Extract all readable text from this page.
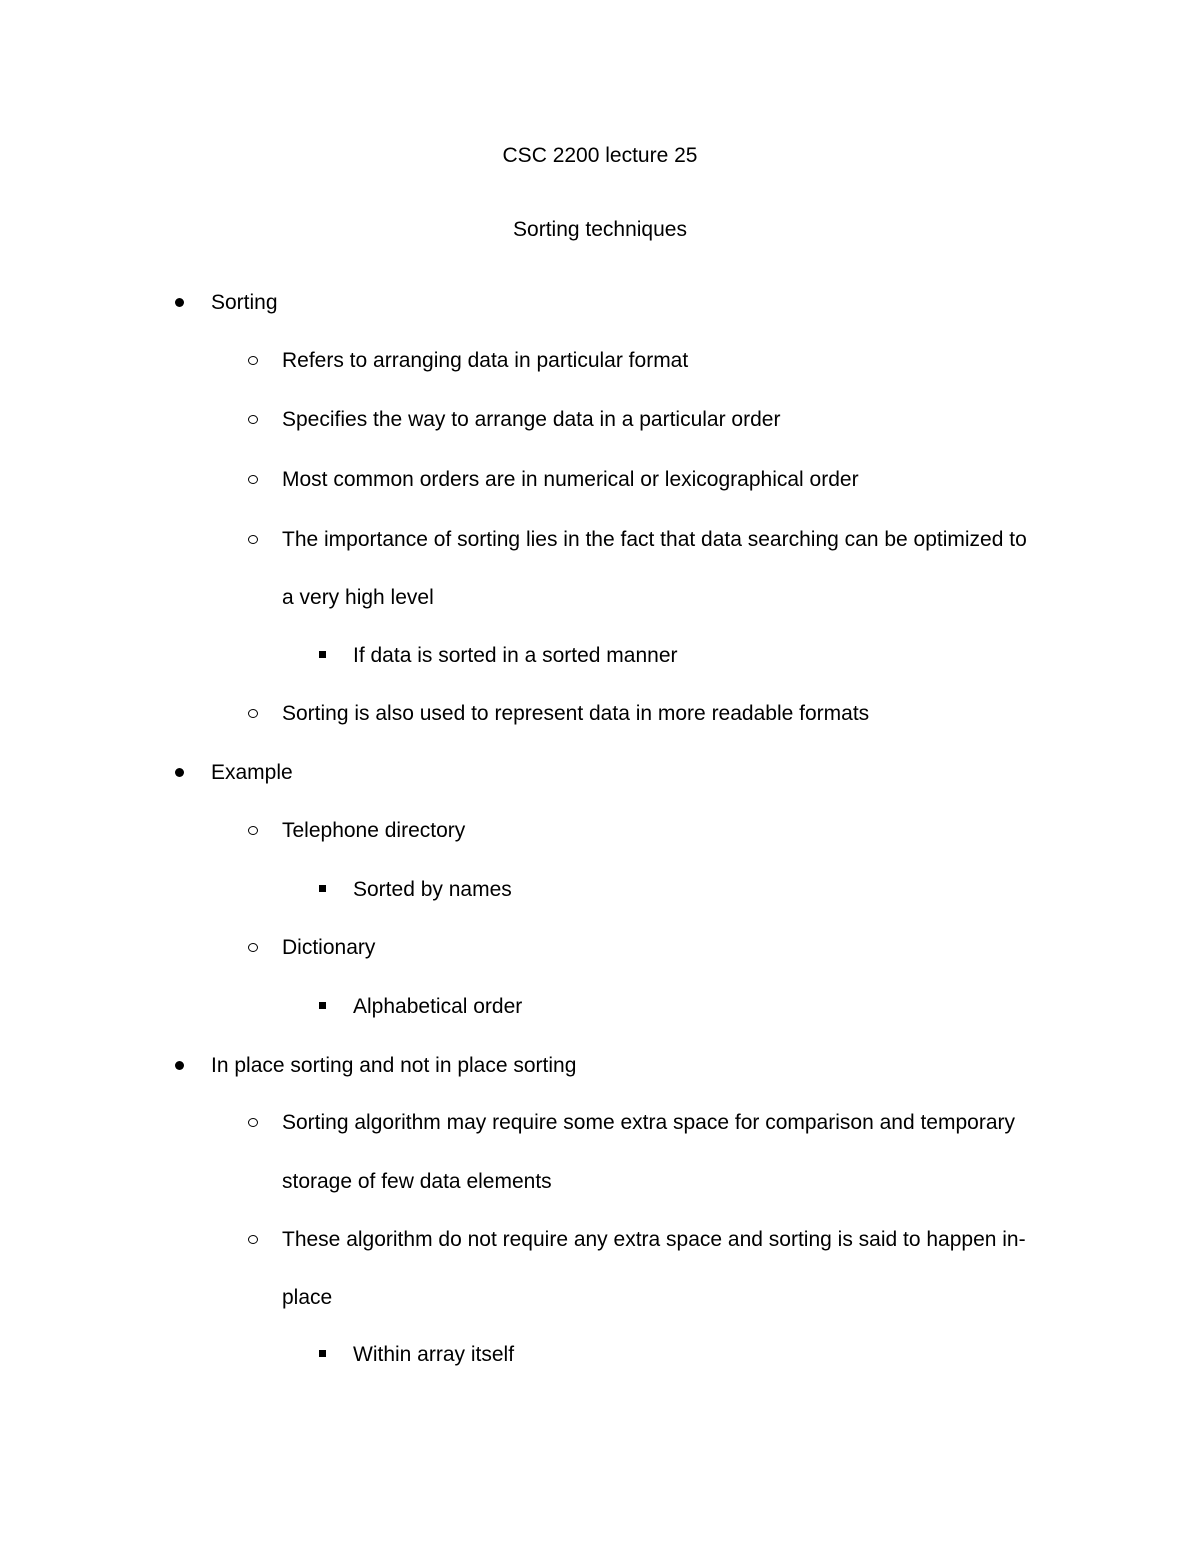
CSC 2200 lecture 25
Sorting techniques
Sorting
Refers to arranging data in particular format
Specifies the way to arrange data in a particular order
Most common orders are in numerical or lexicographical order
The importance of sorting lies in the fact that data searching can be optimized to
a very high level
If data is sorted in a sorted manner
Sorting is also used to represent data in more readable formats
Example
Telephone directory
Sorted by names
Dictionary
Alphabetical order
In place sorting and not in place sorting
Sorting algorithm may require some extra space for comparison and temporary
storage of few data elements
These algorithm do not require any extra space and sorting is said to happen in-
place
Within array itself
